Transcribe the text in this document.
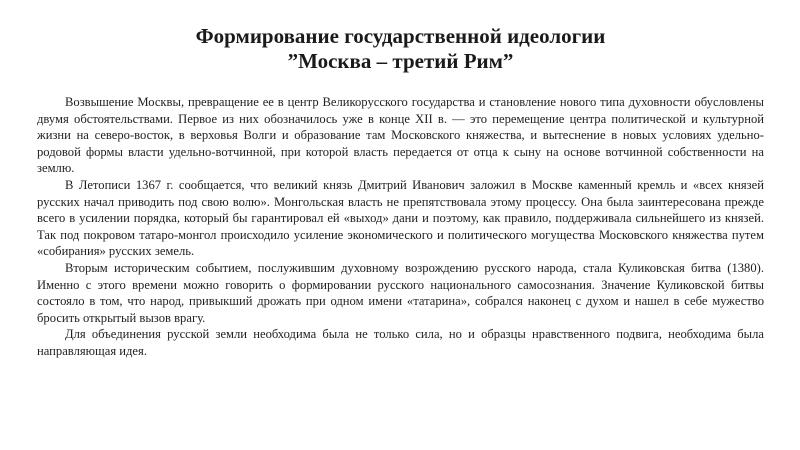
Формирование государственной идеологии
”Москва – третий Рим”

Возвышение Москвы, превращение ее в центр Великорусского государства и становление нового типа духовности обусловлены двумя обстоятельствами. Первое из них обозначилось уже в конце XII в. — это перемещение центра политической и культурной жизни на северо-восток, в верховья Волги и образование там Московского княжества, и вытеснение в новых условиях удельно-родовой формы власти удельно-вотчинной, при которой власть передается от отца к сыну на основе вотчинной собственности на землю.

В Летописи 1367 г. сообщается, что великий князь Дмитрий Иванович заложил в Москве каменный кремль и «всех князей русских начал приводить под свою волю». Монгольская власть не препятствовала этому процессу. Она была заинтересована прежде всего в усилении порядка, который бы гарантировал ей «выход» дани и поэтому, как правило, поддерживала сильнейшего из князей. Так под покровом татаро-монгол происходило усиление экономического и политического могущества Московского княжества путем «собирания» русских земель.

Вторым историческим событием, послужившим духовному возрождению русского народа, стала Куликовская битва (1380). Именно с этого времени можно говорить о формировании русского национального самосознания. Значение Куликовской битвы состояло в том, что народ, привыкший дрожать при одном имени «татарина», собрался наконец с духом и нашел в себе мужество бросить открытый вызов врагу.

Для объединения русской земли необходима была не только сила, но и образцы нравственного подвига, необходима была направляющая идея.
